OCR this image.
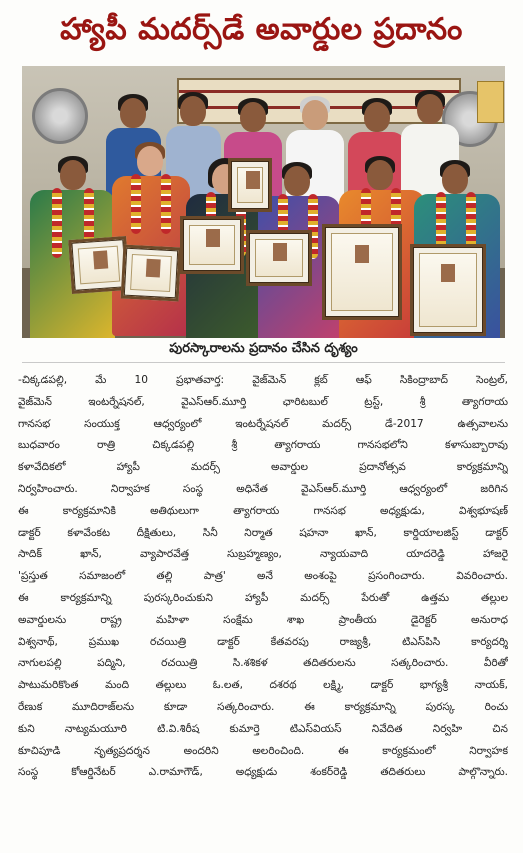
హ్యాపీ మదర్స్‌డే అవార్డుల ప్రదానం
పురస్కారాలను ప్రదానం చేసిన దృశ్యం
-చిక్కడపల్లి, మే 10 ప్రభాతవార్త: వైజ్‌మెన్ క్లబ్ ఆఫ్ సికింద్రాబాద్ సెంట్రల్,
వైజ్‌మెన్ ఇంటర్నేషనల్, వైఎస్ఆర్.మూర్తి ఛారిటబుల్ ట్రస్ట్, శ్రీ త్యాగరాయ
గానసభ సంయుక్త ఆధ్వర్యంలో ఇంటర్నేషనల్ మదర్స్ డే-2017 ఉత్సవాలను
బుధవారం రాత్రి చిక్కడపల్లి శ్రీ త్యాగరాయ గానసభలోని కళాసుబ్బారావు
కళావేదికలో హ్యాపీ మదర్స్ అవార్డుల ప్రదానోత్సవ కార్యక్రమాన్ని
నిర్వహించారు. నిర్వాహక సంస్థ అధినేత వైఎస్ఆర్.మూర్తి ఆధ్వర్యంలో జరిగిన
ఈ కార్యక్రమానికి అతిథులుగా త్యాగరాయ గానసభ అధ్యక్షుడు, విశ్వభూషణ్
డాక్టర్ కళావేంకట దీక్షితులు, సినీ నిర్మాత షహనా ఖాన్, కార్డియాలజిస్ట్ డాక్టర్
సాదిక్ ఖాన్, వ్యాపారవేత్త సుబ్రహ్మణ్యం, న్యాయవాది యాదరెడ్డి హాజరై
'ప్రస్తుత సమాజంలో తల్లి పాత్ర' అనే అంశంపై ప్రసంగించారు. వివరించారు.
ఈ కార్యక్రమాన్ని పురస్కరించుకుని హ్యాపీ మదర్స్ పేరుతో ఉత్తమ తల్లుల
అవార్డులను రాష్ట్ర మహిళా సంక్షేమ శాఖ ప్రాంతీయ డైరెక్టర్ అనురాధ
విశ్వనాథ్, ప్రముఖ రచయిత్రి డాక్టర్ కేతవరపు రాజ్యశ్రీ, టిఎస్‌పిసి కార్యదర్శి
నాగులపల్లి పద్మిని, రచయిత్రి సి.శశికళ తదితరులను సత్కరించారు. వీరితో
పాటుమరికొంత మంది తల్లులు ఓ.లత, దశరథ లక్ష్మి, డాక్టర్ భాగ్యశ్రీ నాయక్,
రేణుక మూదిరాజ్‌లను కూడా సత్కరించారు. ఈ కార్యక్రమాన్ని పురస్క రించు
కుని నాట్యమయూరి టి.వి.శిరీష కుమార్తె టిఎస్‌వియస్ నివేదిత నిర్వహి చిన
కూచిపూడి నృత్యప్రదర్శన అందరిని అలరించింది. ఈ కార్యక్రమంలో నిర్వాహక
సంస్థ కోఆర్డినేటర్ ఎ.రామాగౌడ్, అధ్యక్షుడు శంకర్‌రెడ్డి తదితరులు పాల్గొన్నారు.
